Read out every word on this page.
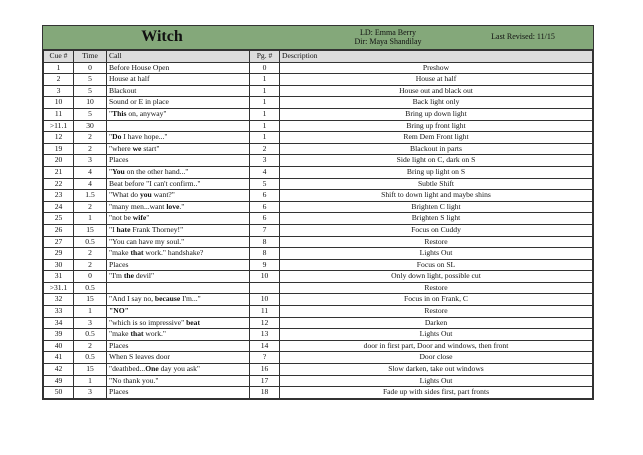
Witch	LD: Emma Berry
Dir: Maya Shandilay
Last Revised: 11/15
Cue #	Time	Call	Pg. #	Description
1	0	Before House Open	0	Preshow
2	5	House at half	1	House at half
3	5	Blackout	1	House out and black out
10	10	Sound or E in place	1	Back light only
11	5	"This on, anyway"	1	Bring up down light
>11.1	30		1	Bring up front light
12	2	"Do I have hope..."	1	Rem Dem Front light
19	2	"where we start"	2	Blackout in parts
20	3	Places	3	Side light on C, dark on S
21	4	"You on the other hand..."	4	Bring up light on S
22	4	Beat before "I can't confirm.."	5	Subtle Shift
23	1.5	"What do you want?"	6	Shift to down light and maybe shins
24	2	"many men...want love."	6	Brighten C light
25	1	"not be wife"	6	Brighten S light
26	15	"I hate Frank Thorney!"	7	Focus on Cuddy
27	0.5	"You can have my soul."	8	Restore
29	2	"make that work." handshake?	8	Lights Out
30	2	Places	9	Focus on SL
31	0	"I'm the devil"	10	Only down light, possible cut
>31.1	0.5			Restore
32	15	"And I say no, because I'm..."	10	Focus in on Frank, C
33	1	"NO"	11	Restore
34	3	"which is so impressive" beat	12	Darken
39	0.5	"make that work."	13	Lights Out
40	2	Places	14	door in first part, Door and windows, then front
41	0.5	When S leaves door	?	Door close
42	15	"deathbed...One day you ask"	16	Slow darken, take out windows
49	1	"No thank you."	17	Lights Out
50	3	Places	18	Fade up with sides first, part fronts
